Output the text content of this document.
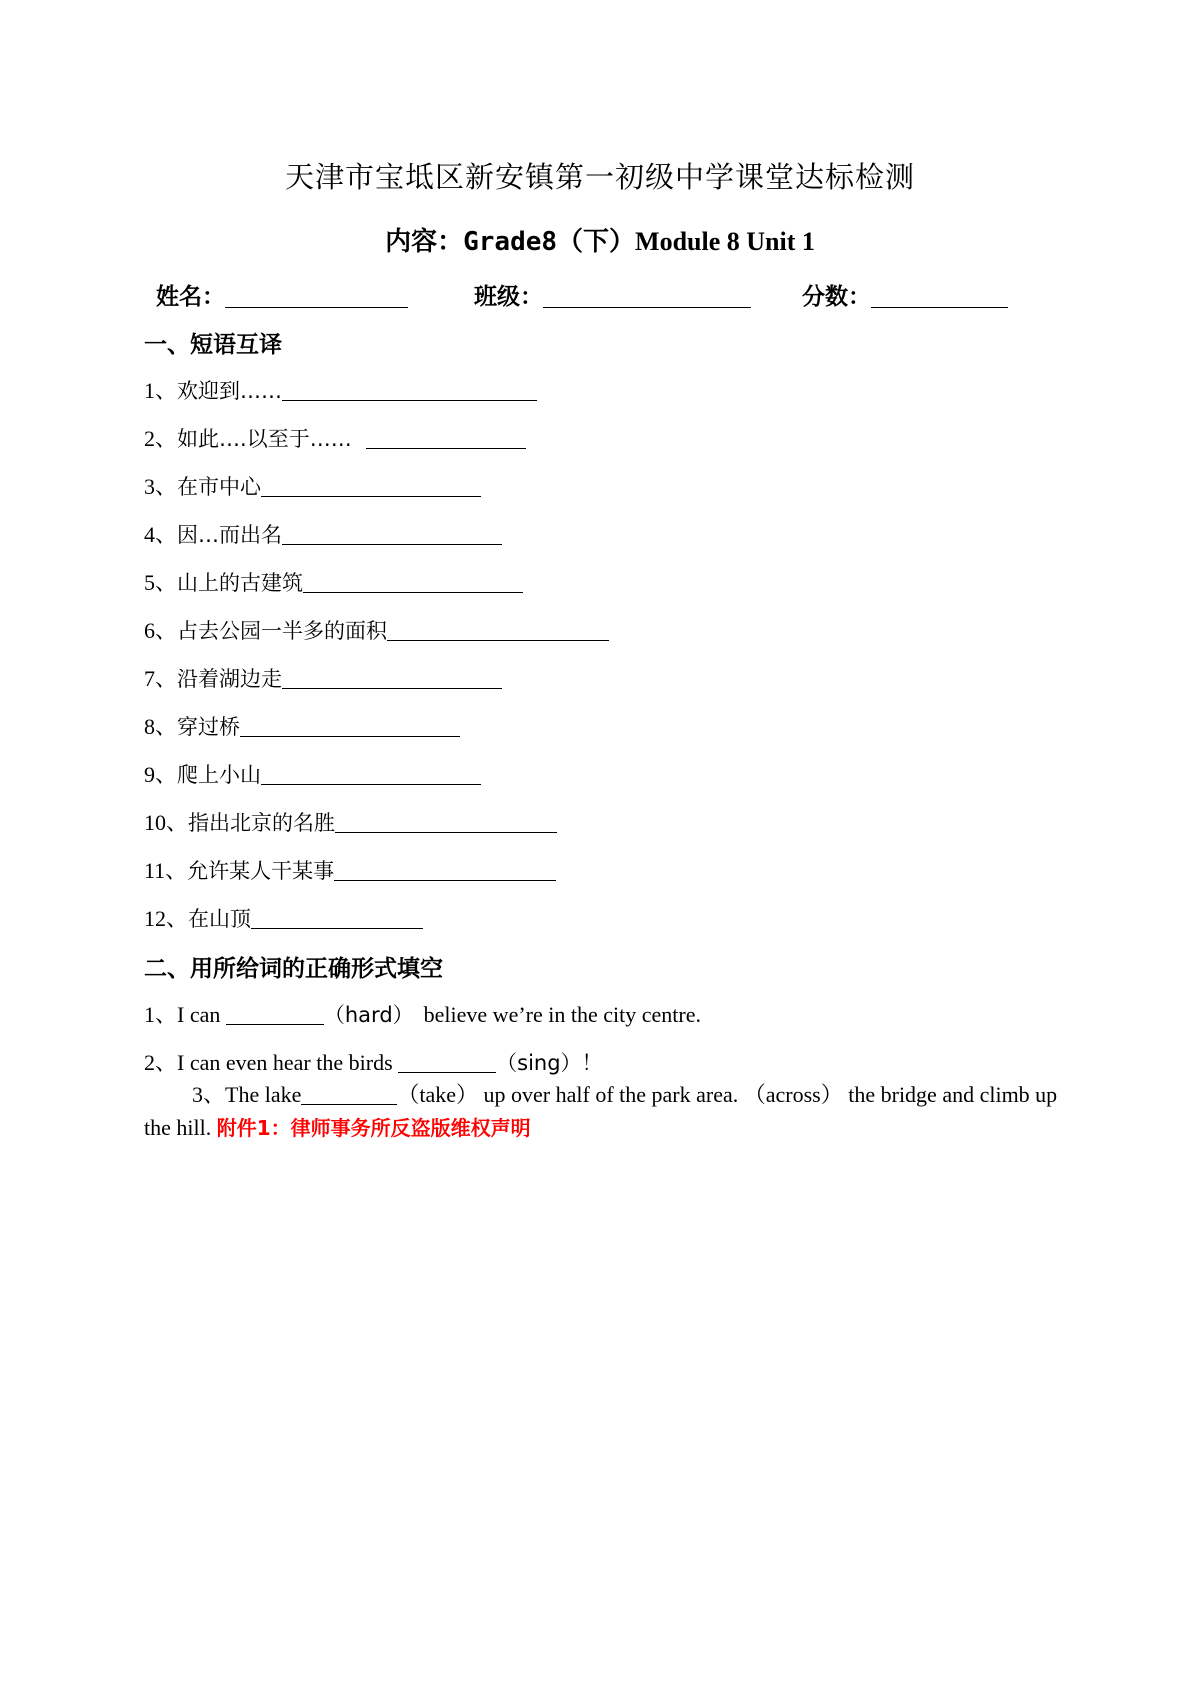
天津市宝坻区新安镇第一初级中学课堂达标检测
内容：Grade8（下）Module 8 Unit 1
姓名：	班级：	分数：
一、短语互译
1、欢迎到……
2、如此….以至于……
3、在市中心
4、因…而出名
5、山上的古建筑
6、占去公园一半多的面积
7、沿着湖边走
8、穿过桥
9、爬上小山
10、指出北京的名胜
11、允许某人干某事
12、在山顶
二、用所给词的正确形式填空
1、I can	（hard） believe we’re in the city centre.
2、I can even hear the birds	（sing）！
3、The lake	（take） up over half of the park area. （across） the bridge and climb up the hill. 附件1：律师事务所反盗版维权声明
